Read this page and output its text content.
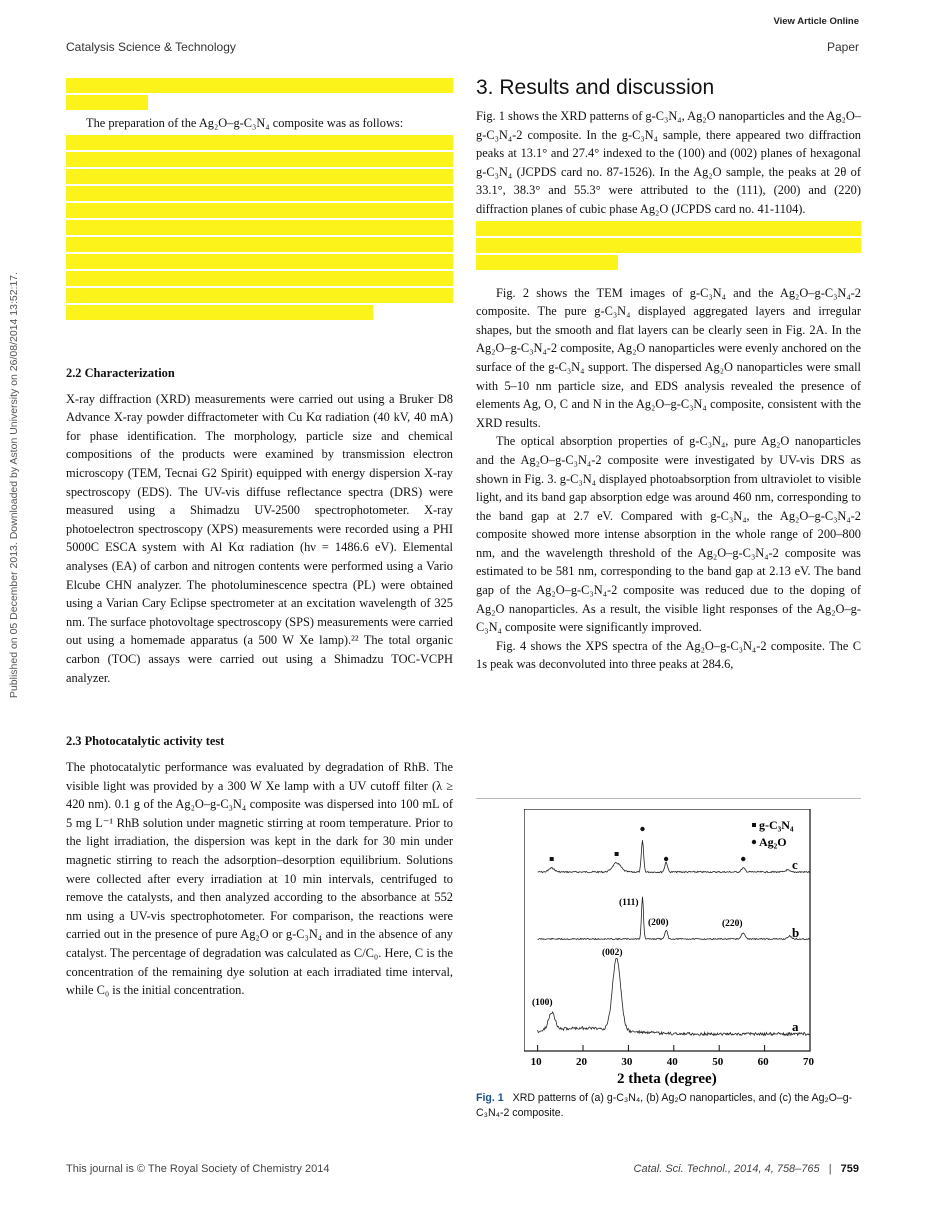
View Article Online
Catalysis Science & Technology	Paper
Published on 05 December 2013. Downloaded by Aston University on 26/08/2014 13:52:17.

The preparation of the Ag₂O–g-C₃N₄ composite was as follows:

2.2 Characterization

X-ray diffraction (XRD) measurements were carried out using a Bruker D8 Advance X-ray powder diffractometer with Cu Kα radiation (40 kV, 40 mA) for phase identification. The morphology, particle size and chemical compositions of the products were examined by transmission electron microscopy (TEM, Tecnai G2 Spirit) equipped with energy dispersion X-ray spectroscopy (EDS). The UV-vis diffuse reflectance spectra (DRS) were measured using a Shimadzu UV-2500 spectrophotometer. X-ray photoelectron spectroscopy (XPS) measurements were recorded using a PHI 5000C ESCA system with Al Kα radiation (hν = 1486.6 eV). Elemental analyses (EA) of carbon and nitrogen contents were performed using a Vario Elcube CHN analyzer. The photoluminescence spectra (PL) were obtained using a Varian Cary Eclipse spectrometer at an excitation wavelength of 325 nm. The surface photovoltage spectroscopy (SPS) measurements were carried out using a homemade apparatus (a 500 W Xe lamp).²² The total organic carbon (TOC) assays were carried out using a Shimadzu TOC-VCPH analyzer.

2.3 Photocatalytic activity test

The photocatalytic performance was evaluated by degradation of RhB. The visible light was provided by a 300 W Xe lamp with a UV cutoff filter (λ ≥ 420 nm). 0.1 g of the Ag₂O–g-C₃N₄ composite was dispersed into 100 mL of 5 mg L⁻¹ RhB solution under magnetic stirring at room temperature. Prior to the light irradiation, the dispersion was kept in the dark for 30 min under magnetic stirring to reach the adsorption–desorption equilibrium. Solutions were collected after every irradiation at 10 min intervals, centrifuged to remove the catalysts, and then analyzed according to the absorbance at 552 nm using a UV-vis spectrophotometer. For comparison, the reactions were carried out in the presence of pure Ag₂O or g-C₃N₄ and in the absence of any catalyst. The percentage of degradation was calculated as C/C₀. Here, C is the concentration of the remaining dye solution at each irradiated time interval, while C₀ is the initial concentration.

3. Results and discussion

Fig. 1 shows the XRD patterns of g-C₃N₄, Ag₂O nanoparticles and the Ag₂O–g-C₃N₄-2 composite. In the g-C₃N₄ sample, there appeared two diffraction peaks at 13.1° and 27.4° indexed to the (100) and (002) planes of hexagonal g-C₃N₄ (JCPDS card no. 87-1526). In the Ag₂O sample, the peaks at 2θ of 33.1°, 38.3° and 55.3° were attributed to the (111), (200) and (220) diffraction planes of cubic phase Ag₂O (JCPDS card no. 41-1104).

Fig. 2 shows the TEM images of g-C₃N₄ and the Ag₂O–g-C₃N₄-2 composite. The pure g-C₃N₄ displayed aggregated layers and irregular shapes, but the smooth and flat layers can be clearly seen in Fig. 2A. In the Ag₂O–g-C₃N₄-2 composite, Ag₂O nanoparticles were evenly anchored on the surface of the g-C₃N₄ support. The dispersed Ag₂O nanoparticles were small with 5–10 nm particle size, and EDS analysis revealed the presence of elements Ag, O, C and N in the Ag₂O–g-C₃N₄ composite, consistent with the XRD results.

The optical absorption properties of g-C₃N₄, pure Ag₂O nanoparticles and the Ag₂O–g-C₃N₄-2 composite were investigated by UV-vis DRS as shown in Fig. 3. g-C₃N₄ displayed photoabsorption from ultraviolet to visible light, and its band gap absorption edge was around 460 nm, corresponding to the band gap at 2.7 eV. Compared with g-C₃N₄, the Ag₂O–g-C₃N₄-2 composite showed more intense absorption in the whole range of 200–800 nm, and the wavelength threshold of the Ag₂O–g-C₃N₄-2 composite was estimated to be 581 nm, corresponding to the band gap at 2.13 eV. The band gap of the Ag₂O–g-C₃N₄-2 composite was reduced due to the doping of Ag₂O nanoparticles. As a result, the visible light responses of the Ag₂O–g-C₃N₄ composite were significantly improved.

Fig. 4 shows the XPS spectra of the Ag₂O–g-C₃N₄-2 composite. The C 1s peak was deconvoluted into three peaks at 284.6,

10	20	30	40	50	60	70
g-C₃N₄
Ag₂O
c
b
a
(111)
(200)	(220)
(002)
(100)
2 theta (degree)
Fig. 1 XRD patterns of (a) g-C₃N₄, (b) Ag₂O nanoparticles, and (c) the Ag₂O–g-C₃N₄-2 composite.
This journal is © The Royal Society of Chemistry 2014	Catal. Sci. Technol., 2014, 4, 758–765 | 759
